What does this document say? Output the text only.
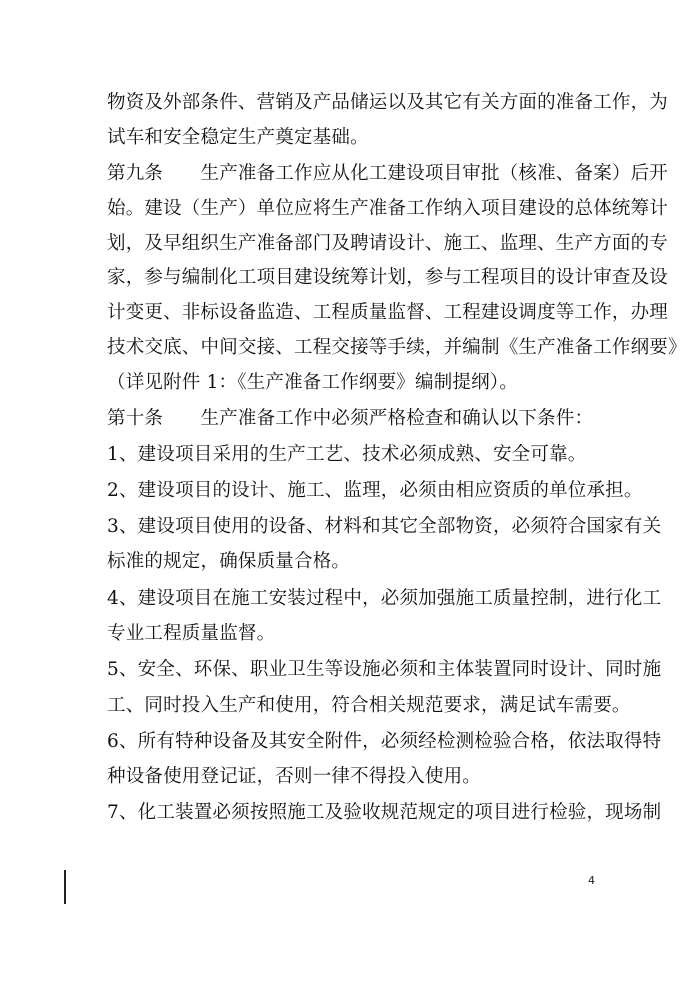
物资及外部条件、营销及产品储运以及其它有关方面的准备工作，为
试车和安全稳定生产奠定基础。
第九条　　生产准备工作应从化工建设项目审批（核准、备案）后开
始。建设（生产）单位应将生产准备工作纳入项目建设的总体统筹计
划，及早组织生产准备部门及聘请设计、施工、监理、生产方面的专
家，参与编制化工项目建设统筹计划，参与工程项目的设计审查及设
计变更、非标设备监造、工程质量监督、工程建设调度等工作，办理
技术交底、中间交接、工程交接等手续，并编制《生产准备工作纲要》
（详见附件 1：《生产准备工作纲要》编制提纲）。
第十条　　生产准备工作中必须严格检查和确认以下条件：
1、建设项目采用的生产工艺、技术必须成熟、安全可靠。
2、建设项目的设计、施工、监理，必须由相应资质的单位承担。
3、建设项目使用的设备、材料和其它全部物资，必须符合国家有关
标准的规定，确保质量合格。
4、建设项目在施工安装过程中，必须加强施工质量控制，进行化工
专业工程质量监督。
5、安全、环保、职业卫生等设施必须和主体装置同时设计、同时施
工、同时投入生产和使用，符合相关规范要求，满足试车需要。
6、所有特种设备及其安全附件，必须经检测检验合格，依法取得特
种设备使用登记证，否则一律不得投入使用。
7、化工装置必须按照施工及验收规范规定的项目进行检验，现场制
4
